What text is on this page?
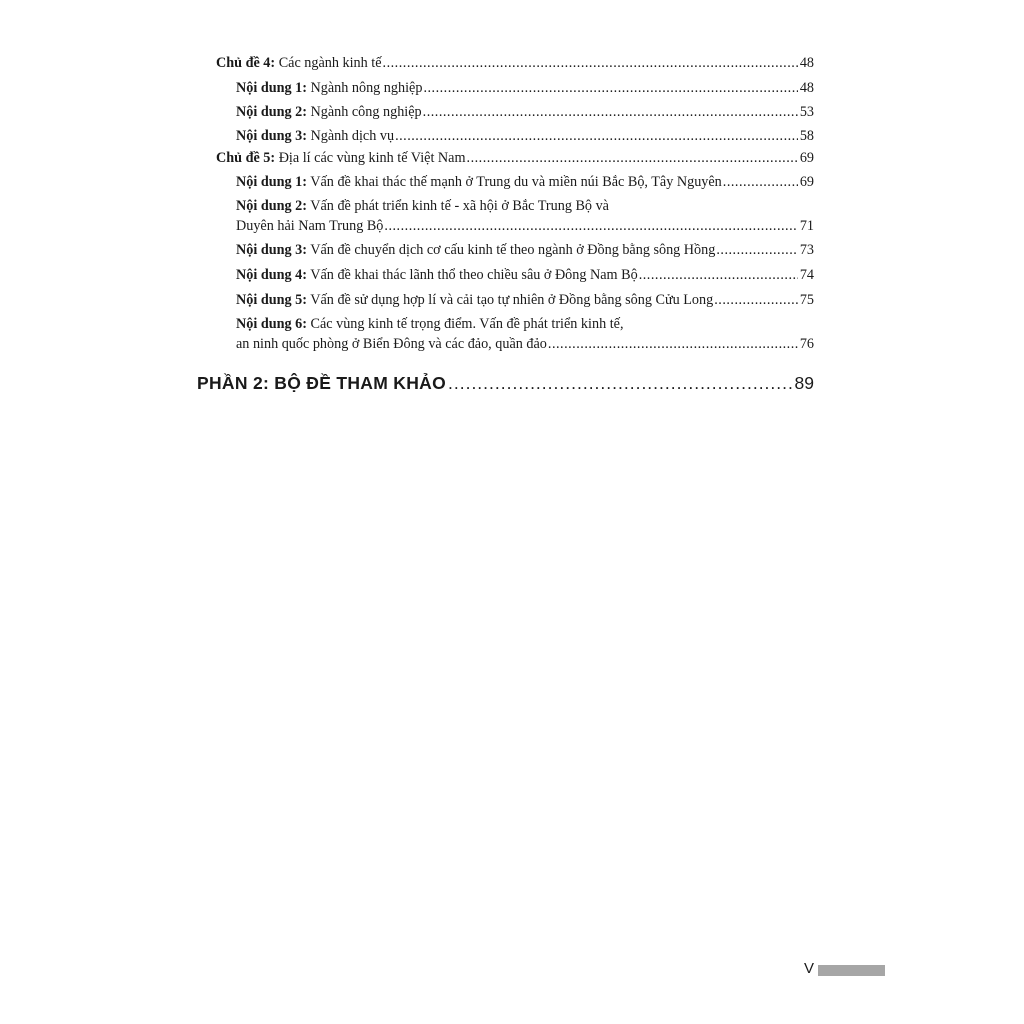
Chủ đề 4: Các ngành kinh tế .....	48
Nội dung 1: Ngành nông nghiệp .....	48
Nội dung 2: Ngành công nghiệp .....	53
Nội dung 3: Ngành dịch vụ .....	58
Chủ đề 5: Địa lí các vùng kinh tế Việt Nam .....	69
Nội dung 1: Vấn đề khai thác thế mạnh ở Trung du và miền núi Bắc Bộ, Tây Nguyên .....	69
Nội dung 2: Vấn đề phát triển kinh tế - xã hội ở Bắc Trung Bộ và
Duyên hải Nam Trung Bộ .....	71
Nội dung 3: Vấn đề chuyển dịch cơ cấu kinh tế theo ngành ở Đồng bằng sông Hồng .....	73
Nội dung 4: Vấn đề khai thác lãnh thổ theo chiều sâu ở Đông Nam Bộ .....	74
Nội dung 5: Vấn đề sử dụng hợp lí và cải tạo tự nhiên ở Đồng bằng sông Cửu Long .....	75
Nội dung 6: Các vùng kinh tế trọng điểm. Vấn đề phát triển kinh tế,
an ninh quốc phòng ở Biển Đông và các đảo, quần đảo .....	76
PHẦN 2: BỘ ĐỀ THAM KHẢO .....	89
V
